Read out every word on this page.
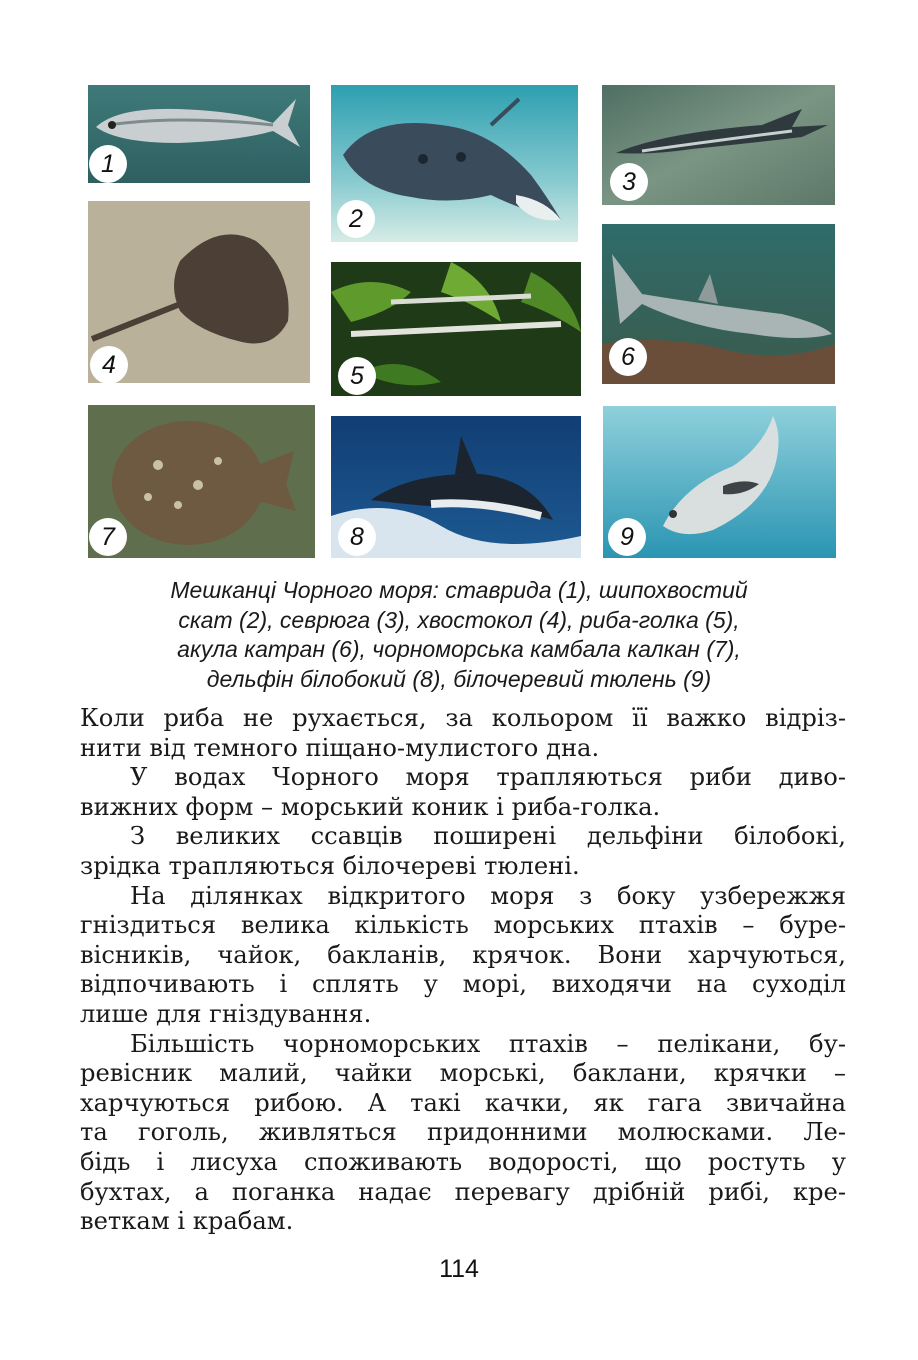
1
2
3
4	5
6
7	8	9
Мешканці Чорного моря: ставрида (1), шипохвостий
скат (2), севрюга (3), хвостокол (4), риба-голка (5),
акула катран (6), чорноморська камбала калкан (7),
дельфін білобокий (8), білочеревий тюлень (9)
Коли риба не рухається, за кольором її важко відріз-
нити від темного піщано-мулистого дна.
У водах Чорного моря трапляються риби диво-
вижних форм – морський коник і риба-голка.
З великих ссавців поширені дельфіни білобокі,
зрідка трапляються білочереві тюлені.
На ділянках відкритого моря з боку узбережжя
гніздиться велика кількість морських птахів – буре-
вісників, чайок, бакланів, крячок. Вони харчуються,
відпочивають і сплять у морі, виходячи на суходіл
лише для гніздування.
Більшість чорноморських птахів – пелікани, бу-
ревісник малий, чайки морські, баклани, крячки –
харчуються рибою. А такі качки, як гага звичайна
та гоголь, живляться придонними молюсками. Ле-
бідь і лисуха споживають водорості, що ростуть у
бухтах, а поганка надає перевагу дрібній рибі, кре-
веткам і крабам.
114
